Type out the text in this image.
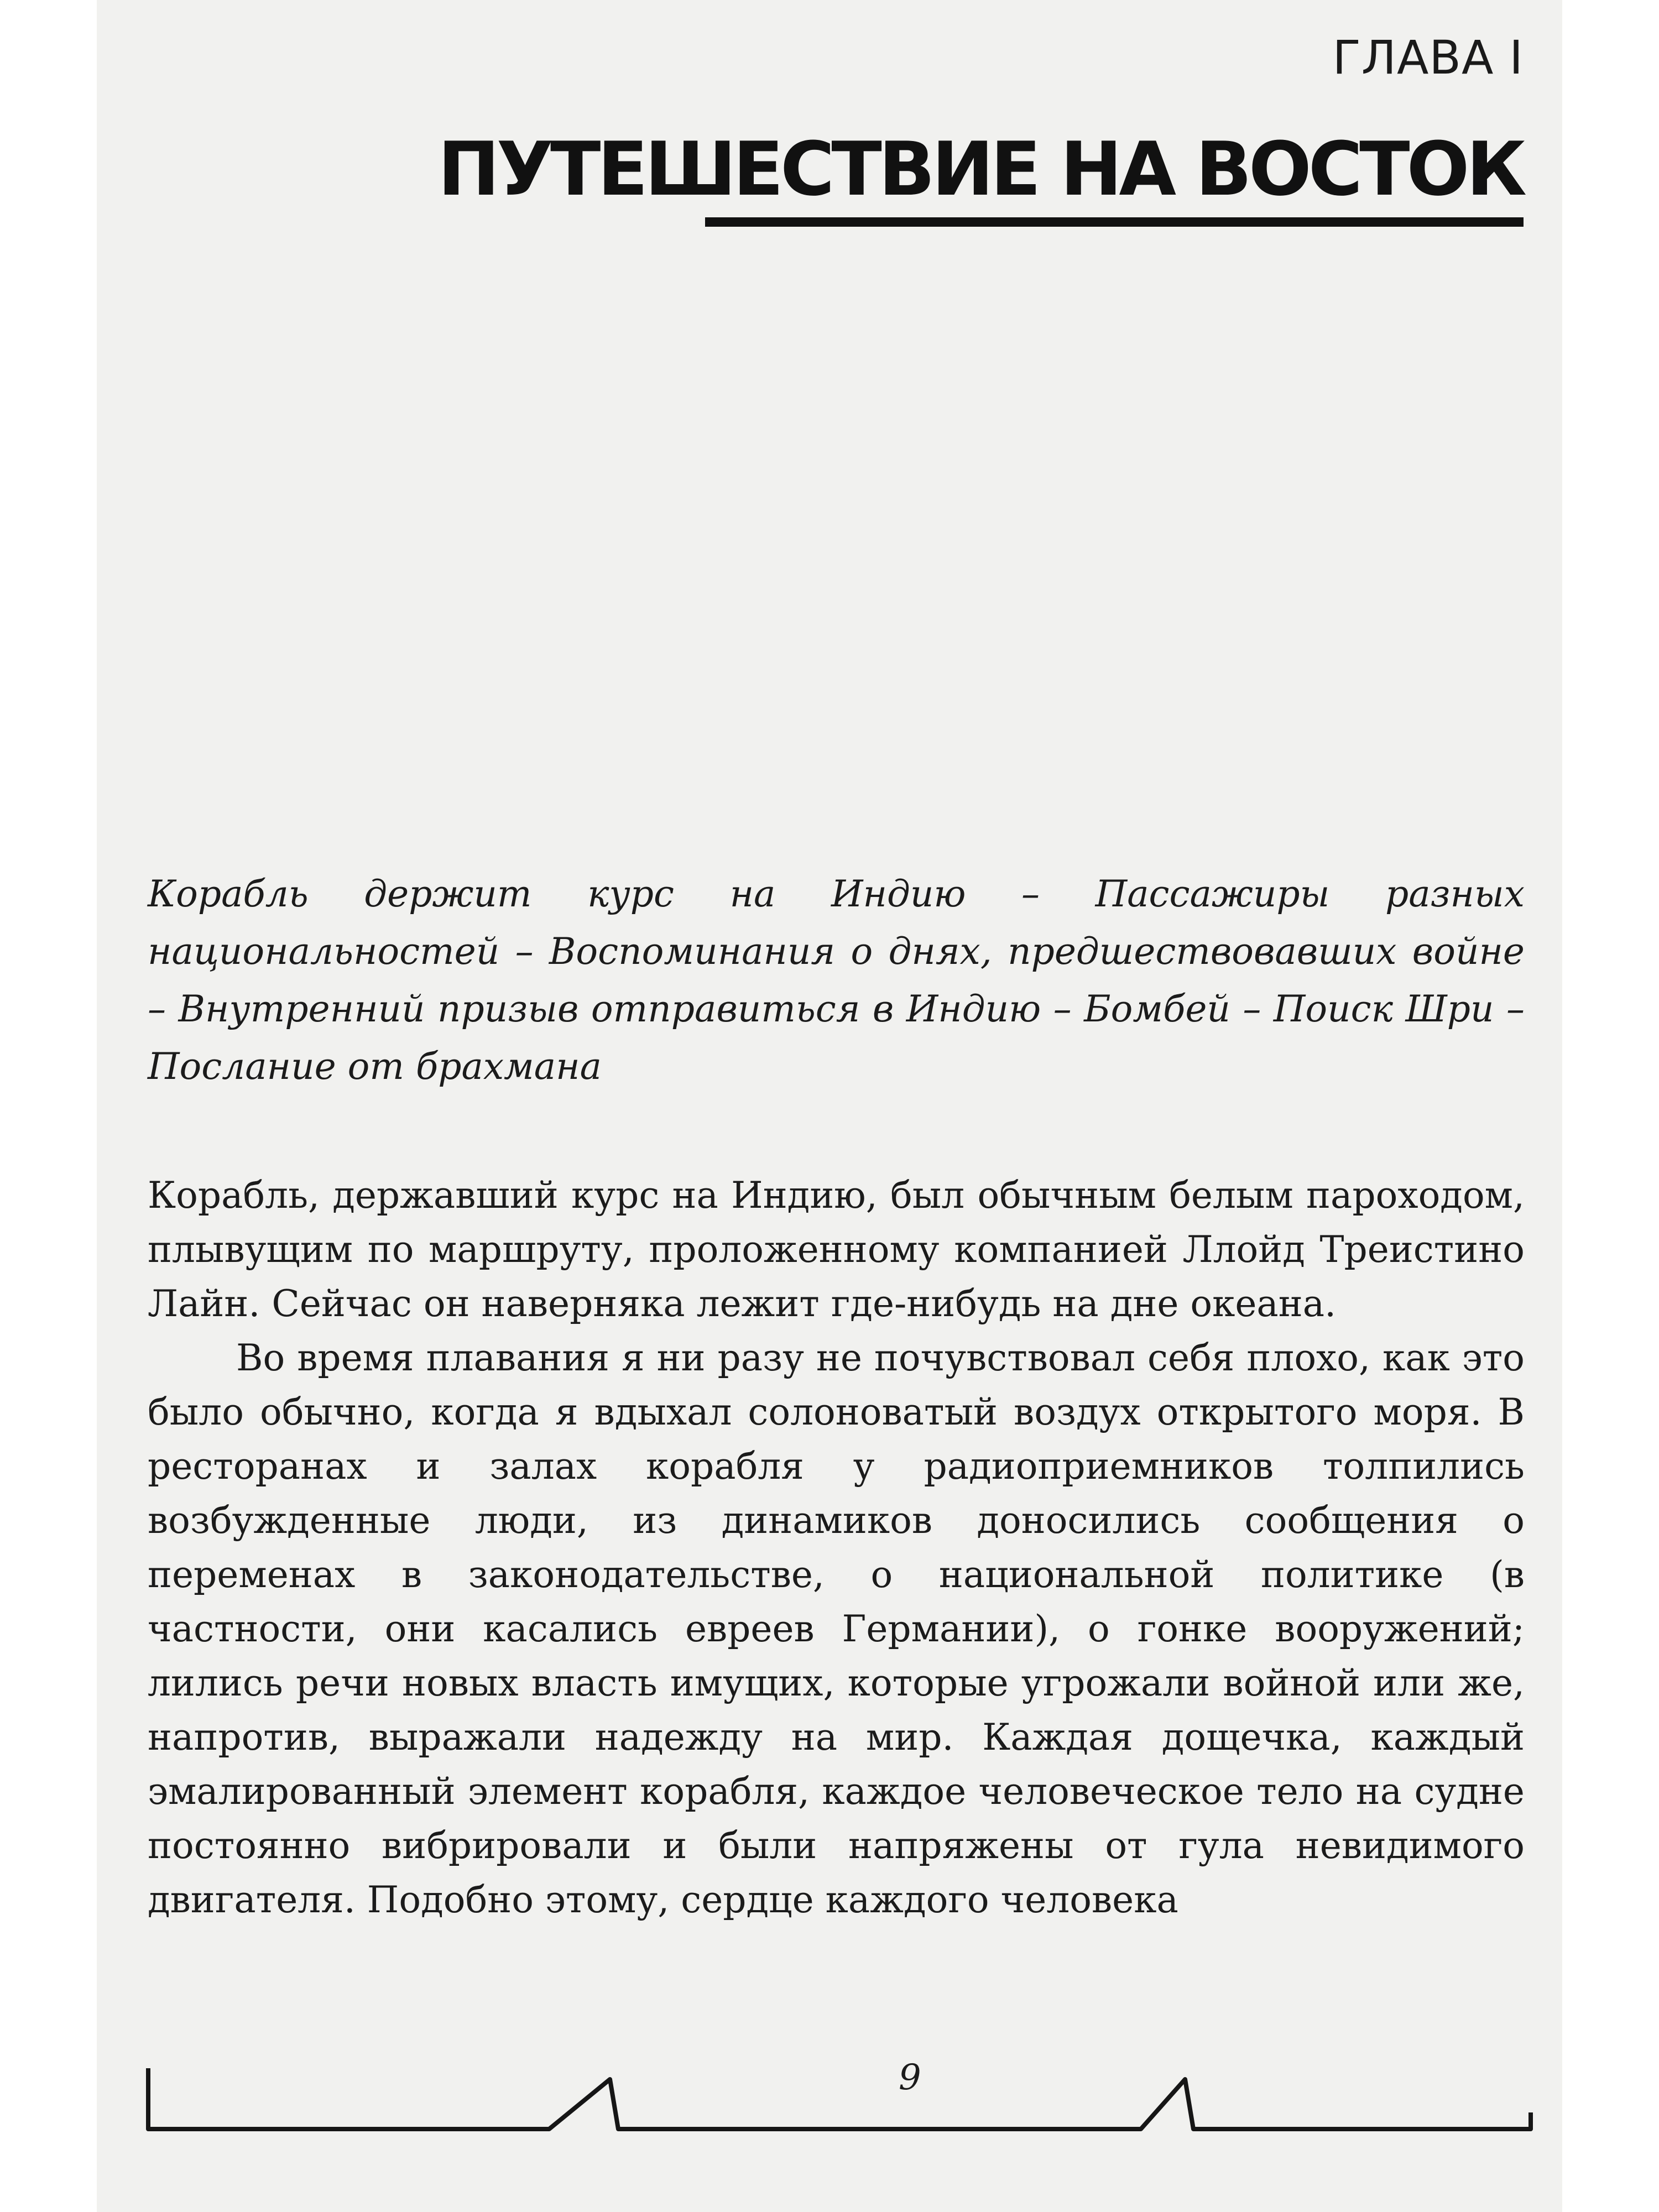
ГЛАВА I
ПУТЕШЕСТВИЕ НА ВОСТОК

Корабль держит курс на Индию – Пассажиры разных национальностей – Воспоминания о днях, предшествовавших войне – Внутренний призыв отправиться в Индию – Бомбей – Поиск Шри – Послание от брахмана

Корабль, державший курс на Индию, был обычным белым пароходом, плывущим по маршруту, проложенному компанией Ллойд Треистино Лайн. Сейчас он наверняка лежит где-нибудь на дне океана.

Во время плавания я ни разу не почувствовал себя плохо, как это было обычно, когда я вдыхал солоноватый воздух открытого моря. В ресторанах и залах корабля у радиоприемников толпились возбужденные люди, из динамиков доносились сообщения о переменах в законодательстве, о национальной политике (в частности, они касались евреев Германии), о гонке вооружений; лились речи новых власть имущих, которые угрожали войной или же, напротив, выражали надежду на мир. Каждая дощечка, каждый эмалированный элемент корабля, каждое человеческое тело на судне постоянно вибрировали и были напряжены от гула невидимого двигателя. Подобно этому, сердце каждого человека

9
